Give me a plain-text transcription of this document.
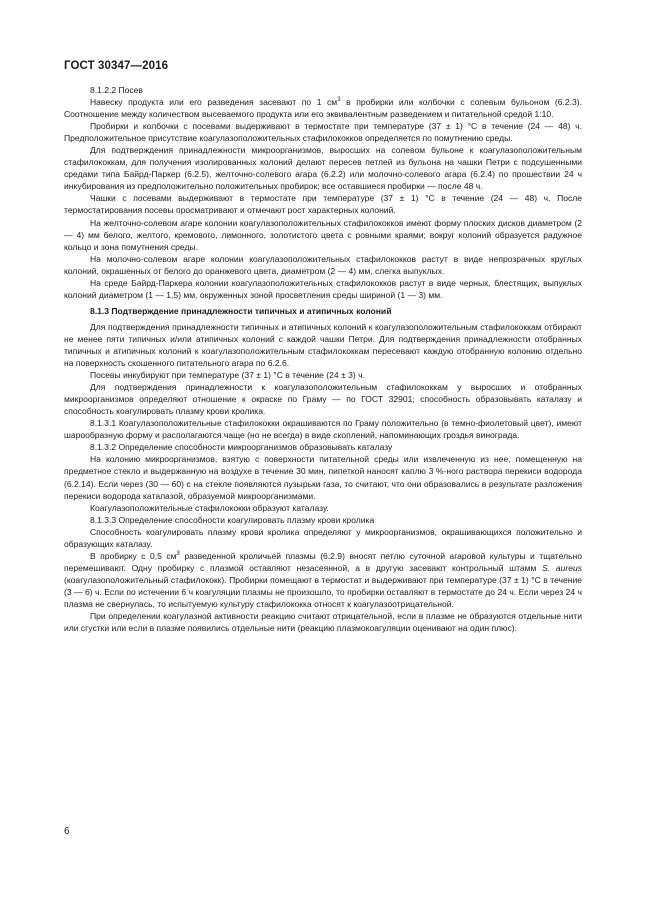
ГОСТ 30347—2016

8.1.2.2 Посев

Навеску продукта или его разведения засевают по 1 $см^3$ в пробирки или колбочки с солевым бульоном (6.2.3). Соотношение между количеством высеваемого продукта или его эквивалентным разведением и питательной средой 1:10.

Пробирки и колбочки с посевами выдерживают в термостате при температуре (37 ± 1) °С в течение (24 — 48) ч. Предположительное присутствие коагулазоположительных стафилококков определяется по помутнению среды.

Для подтверждения принадлежности микроорганизмов, выросших на солевом бульоне к коагулазоположительным стафилококкам, для получения изолированных колоний делают пересев петлей из бульона на чашки Петри с подсушенными средами типа Байрд-Паркер (6.2.5), желточно-солевого агара (6.2.2) или молочно-солевого агара (6.2.4) по прошествии 24 ч инкубирования из предположительно положительных пробирок; все оставшиеся пробирки — после 48 ч.

Чашки с посевами выдерживают в термостате при температуре (37 ± 1) °С в течение (24 — 48) ч. После термостатирования посевы просматривают и отмечают рост характерных колоний.

На желточно-солевом агаре колонии коагулазоположительных стафилококков имеют форму плоских дисков диаметром (2 — 4) мм белого, желтого, кремового, лимонного, золотистого цвета с ровными краями; вокруг колоний образуется радужное кольцо и зона помутнения среды.

На молочно-солевом агаре колонии коагулазоположительных стафилококков растут в виде непрозрачных круглых колоний, окрашенных от белого до оранжевого цвета, диаметром (2 — 4) мм, слегка выпуклых.

На среде Байрд-Паркера колонии коагулазоположительных стафилококков растут в виде черных, блестящих, выпуклых колоний диаметром (1 — 1,5) мм, окруженных зоной просветления среды шириной (1 — 3) мм.

8.1.3 Подтверждение принадлежности типичных и атипичных колоний

Для подтверждения принадлежности типичных и атипичных колоний к коагулазоположительным стафилококкам отбирают не менее пяти типичных и/или атипичных колоний с каждой чашки Петри. Для подтверждения принадлежности отобранных типичных и атипичных колоний к коагулазоположительным стафилококкам пересевают каждую отобранную колонию отдельно на поверхность скошенного питательного агара по 6.2.6.

Посевы инкубируют при температуре (37 ± 1) °С в течение (24 ± 3) ч.

Для подтверждения принадлежности к коагулазоположительным стафилококкам у выросших и отобранных микроорганизмов определяют отношение к окраске по Граму — по ГОСТ 32901; способность образовывать каталазу и способность коагулировать плазму крови кролика.

8.1.3.1 Коагулазоположительные стафилококки окрашиваются по Граму положительно (в темно-фиолетовый цвет), имеют шарообразную форму и располагаются чаще (но не всегда) в виде скоплений, напоминающих гроздья винограда.

8.1.3.2 Определение способности микроорганизмов образовывать каталазу

На колонию микроорганизмов, взятую с поверхности питательной среды или извлеченную из нее, помещенную на предметное стекло и выдержанную на воздухе в течение 30 мин, пипеткой наносят каплю 3 %-ного раствора перекиси водорода (6.2.14). Если через (30 — 60) с на стекле появляются пузырьки газа, то считают, что они образовались в результате разложения перекиси водорода каталазой, образуемой микроорганизмами.

Коагулазоположительные стафилококки образуют каталазу.

8.1.3.3 Определение способности коагулировать плазму крови кролика

Способность коагулировать плазму крови кролика определяют у микроорганизмов, окрашивающихся положительно и образующих каталазу.

В пробирку с 0,5 $см^3$ разведенной кроличьей плазмы (6.2.9) вносят петлю суточной агаровой культуры и тщательно перемешивают. Одну пробирку с плазмой оставляют незасеянной, а в другую засевают контрольный штамм S. aureus (коагулазоположительный стафилококк). Пробирки помещают в термостат и выдерживают при температуре (37 ± 1) °С в течение (3 — 6) ч. Если по истечении 6 ч коагуляции плазмы не произошло, то пробирки оставляют в термостате до 24 ч. Если через 24 ч плазма не свернулась, то испытуемую культуру стафилококка относят к коагулазоотрицательной.

При определении коагулазной активности реакцию считают отрицательной, если в плазме не образуются отдельные нити или сгустки или если в плазме появились отдельные нити (реакцию плазмокоагуляции оценивают на один плюс).

6
